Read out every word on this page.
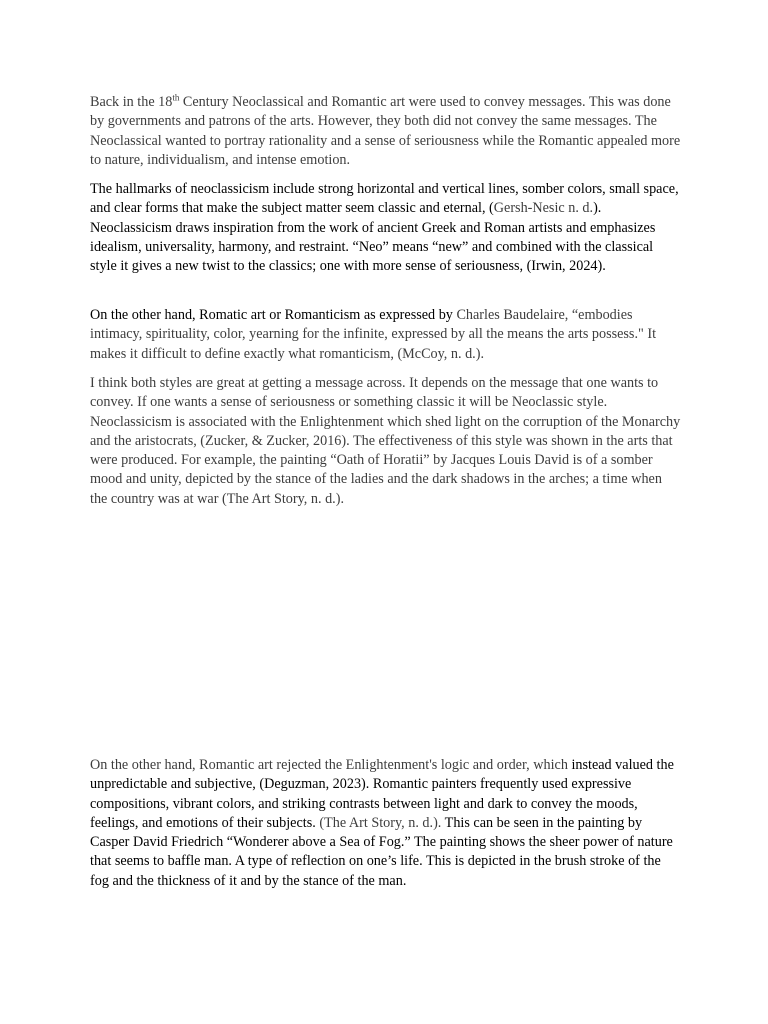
Back in the 18th Century Neoclassical and Romantic art were used to convey messages. This was done by governments and patrons of the arts. However, they both did not convey the same messages. The Neoclassical wanted to portray rationality and a sense of seriousness while the Romantic appealed more to nature, individualism, and intense emotion.

The hallmarks of neoclassicism include strong horizontal and vertical lines, somber colors, small space, and clear forms that make the subject matter seem classic and eternal, (Gersh-Nesic n. d.). Neoclassicism draws inspiration from the work of ancient Greek and Roman artists and emphasizes idealism, universality, harmony, and restraint. “Neo” means “new” and combined with the classical style it gives a new twist to the classics; one with more sense of seriousness, (Irwin, 2024).

On the other hand, Romatic art or Romanticism as expressed by Charles Baudelaire, “embodies intimacy, spirituality, color, yearning for the infinite, expressed by all the means the arts possess." It makes it difficult to define exactly what romanticism, (McCoy, n. d.).

I think both styles are great at getting a message across. It depends on the message that one wants to convey. If one wants a sense of seriousness or something classic it will be Neoclassic style. Neoclassicism is associated with the Enlightenment which shed light on the corruption of the Monarchy and the aristocrats, (Zucker, & Zucker, 2016). The effectiveness of this style was shown in the arts that were produced. For example, the painting “Oath of Horatii” by Jacques Louis David is of a somber mood and unity, depicted by the stance of the ladies and the dark shadows in the arches; a time when the country was at war (The Art Story, n. d.).

On the other hand, Romantic art rejected the Enlightenment's logic and order, which instead valued the unpredictable and subjective, (Deguzman, 2023). Romantic painters frequently used expressive compositions, vibrant colors, and striking contrasts between light and dark to convey the moods, feelings, and emotions of their subjects. (The Art Story, n. d.). This can be seen in the painting by Casper David Friedrich “Wonderer above a Sea of Fog.” The painting shows the sheer power of nature that seems to baffle man. A type of reflection on one’s life. This is depicted in the brush stroke of the fog and the thickness of it and by the stance of the man.
